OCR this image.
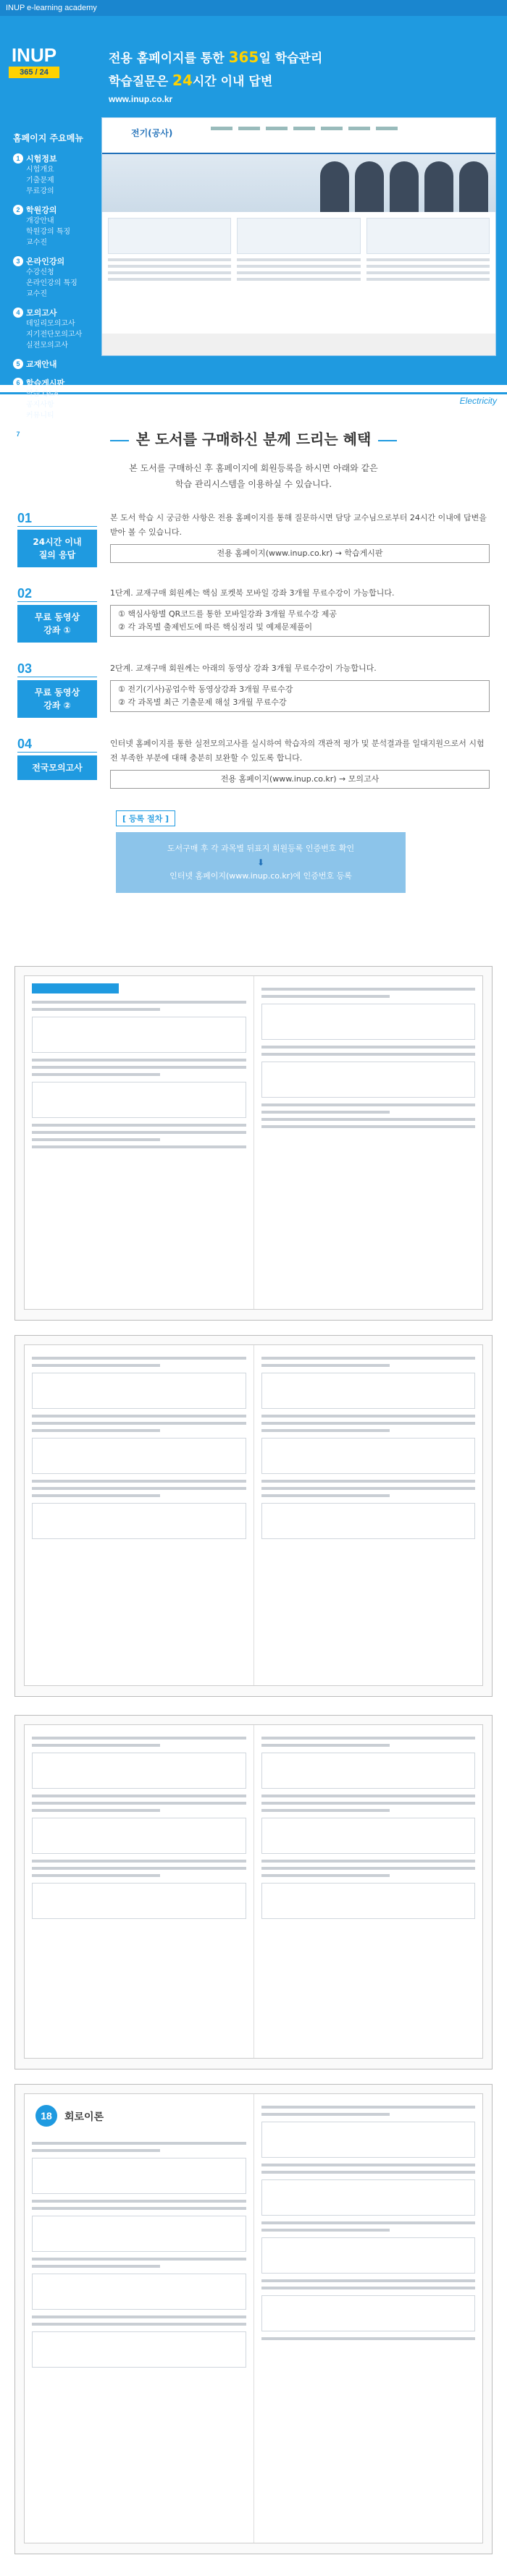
INUP e-learning academy
INUP
365 / 24
전용 홈페이지를 통한 365일 학습관리
학습질문은 24시간 이내 답변
www.inup.co.kr
홈페이지 주요메뉴
1 시험정보
시험개요
기출문제
무료강의
2 학원강의
개강안내
학원강의 특징
교수진
3 온라인강의
수강신청
온라인강의 특징
교수진
4 모의고사
데일리모의고사
지기전단모의고사
실전모의고사
5 교재안내
6 학습게시판
학습 Q&A
공지사항
커뮤니티
7 나의 강의실
전기(공사)
Electricity
본 도서를 구매하신 분께 드리는 혜택
본 도서를 구매하신 후 홈페이지에 회원등록을 하시면 아래와 같은
학습 관리시스템을 이용하실 수 있습니다.
01
24시간 이내
질의 응답
본 도서 학습 시 궁금한 사항은 전용 홈페이지를 통해 질문하시면 담당 교수님으로부터 24시간 이내에 답변을 받아 볼 수 있습니다.
전용 홈페이지(www.inup.co.kr) → 학습게시판
02
무료 동영상
강좌 ①
1단계. 교재구매 회원께는 핵심 포켓북 모바일 강좌 3개월 무료수강이 가능합니다.
① 핵심사항별 QR코드를 통한 모바일강좌 3개월 무료수강 제공
② 각 과목별 출제빈도에 따른 핵심정리 및 예제문제풀이
03
무료 동영상
강좌 ②
2단계. 교재구매 회원께는 아래의 동영상 강좌 3개월 무료수강이 가능합니다.
① 전기(기사)공업수학 동영상강좌 3개월 무료수강
② 각 과목별 최근 기출문제 해설 3개월 무료수강
04
전국모의고사
인터넷 홈페이지를 통한 실전모의고사를 실시하여 학습자의 객관적 평가 및 분석결과를 일대지원으로서 시험 전 부족한 부분에 대해 충분히 보완할 수 있도록 합니다.
전용 홈페이지(www.inup.co.kr) → 모의고사
[ 등록 절차 ]
도서구매 후 각 과목별 뒤표지 회원등록 인증번호 확인
⬇
인터넷 홈페이지(www.inup.co.kr)에 인증번호 등록
18	회로이론
